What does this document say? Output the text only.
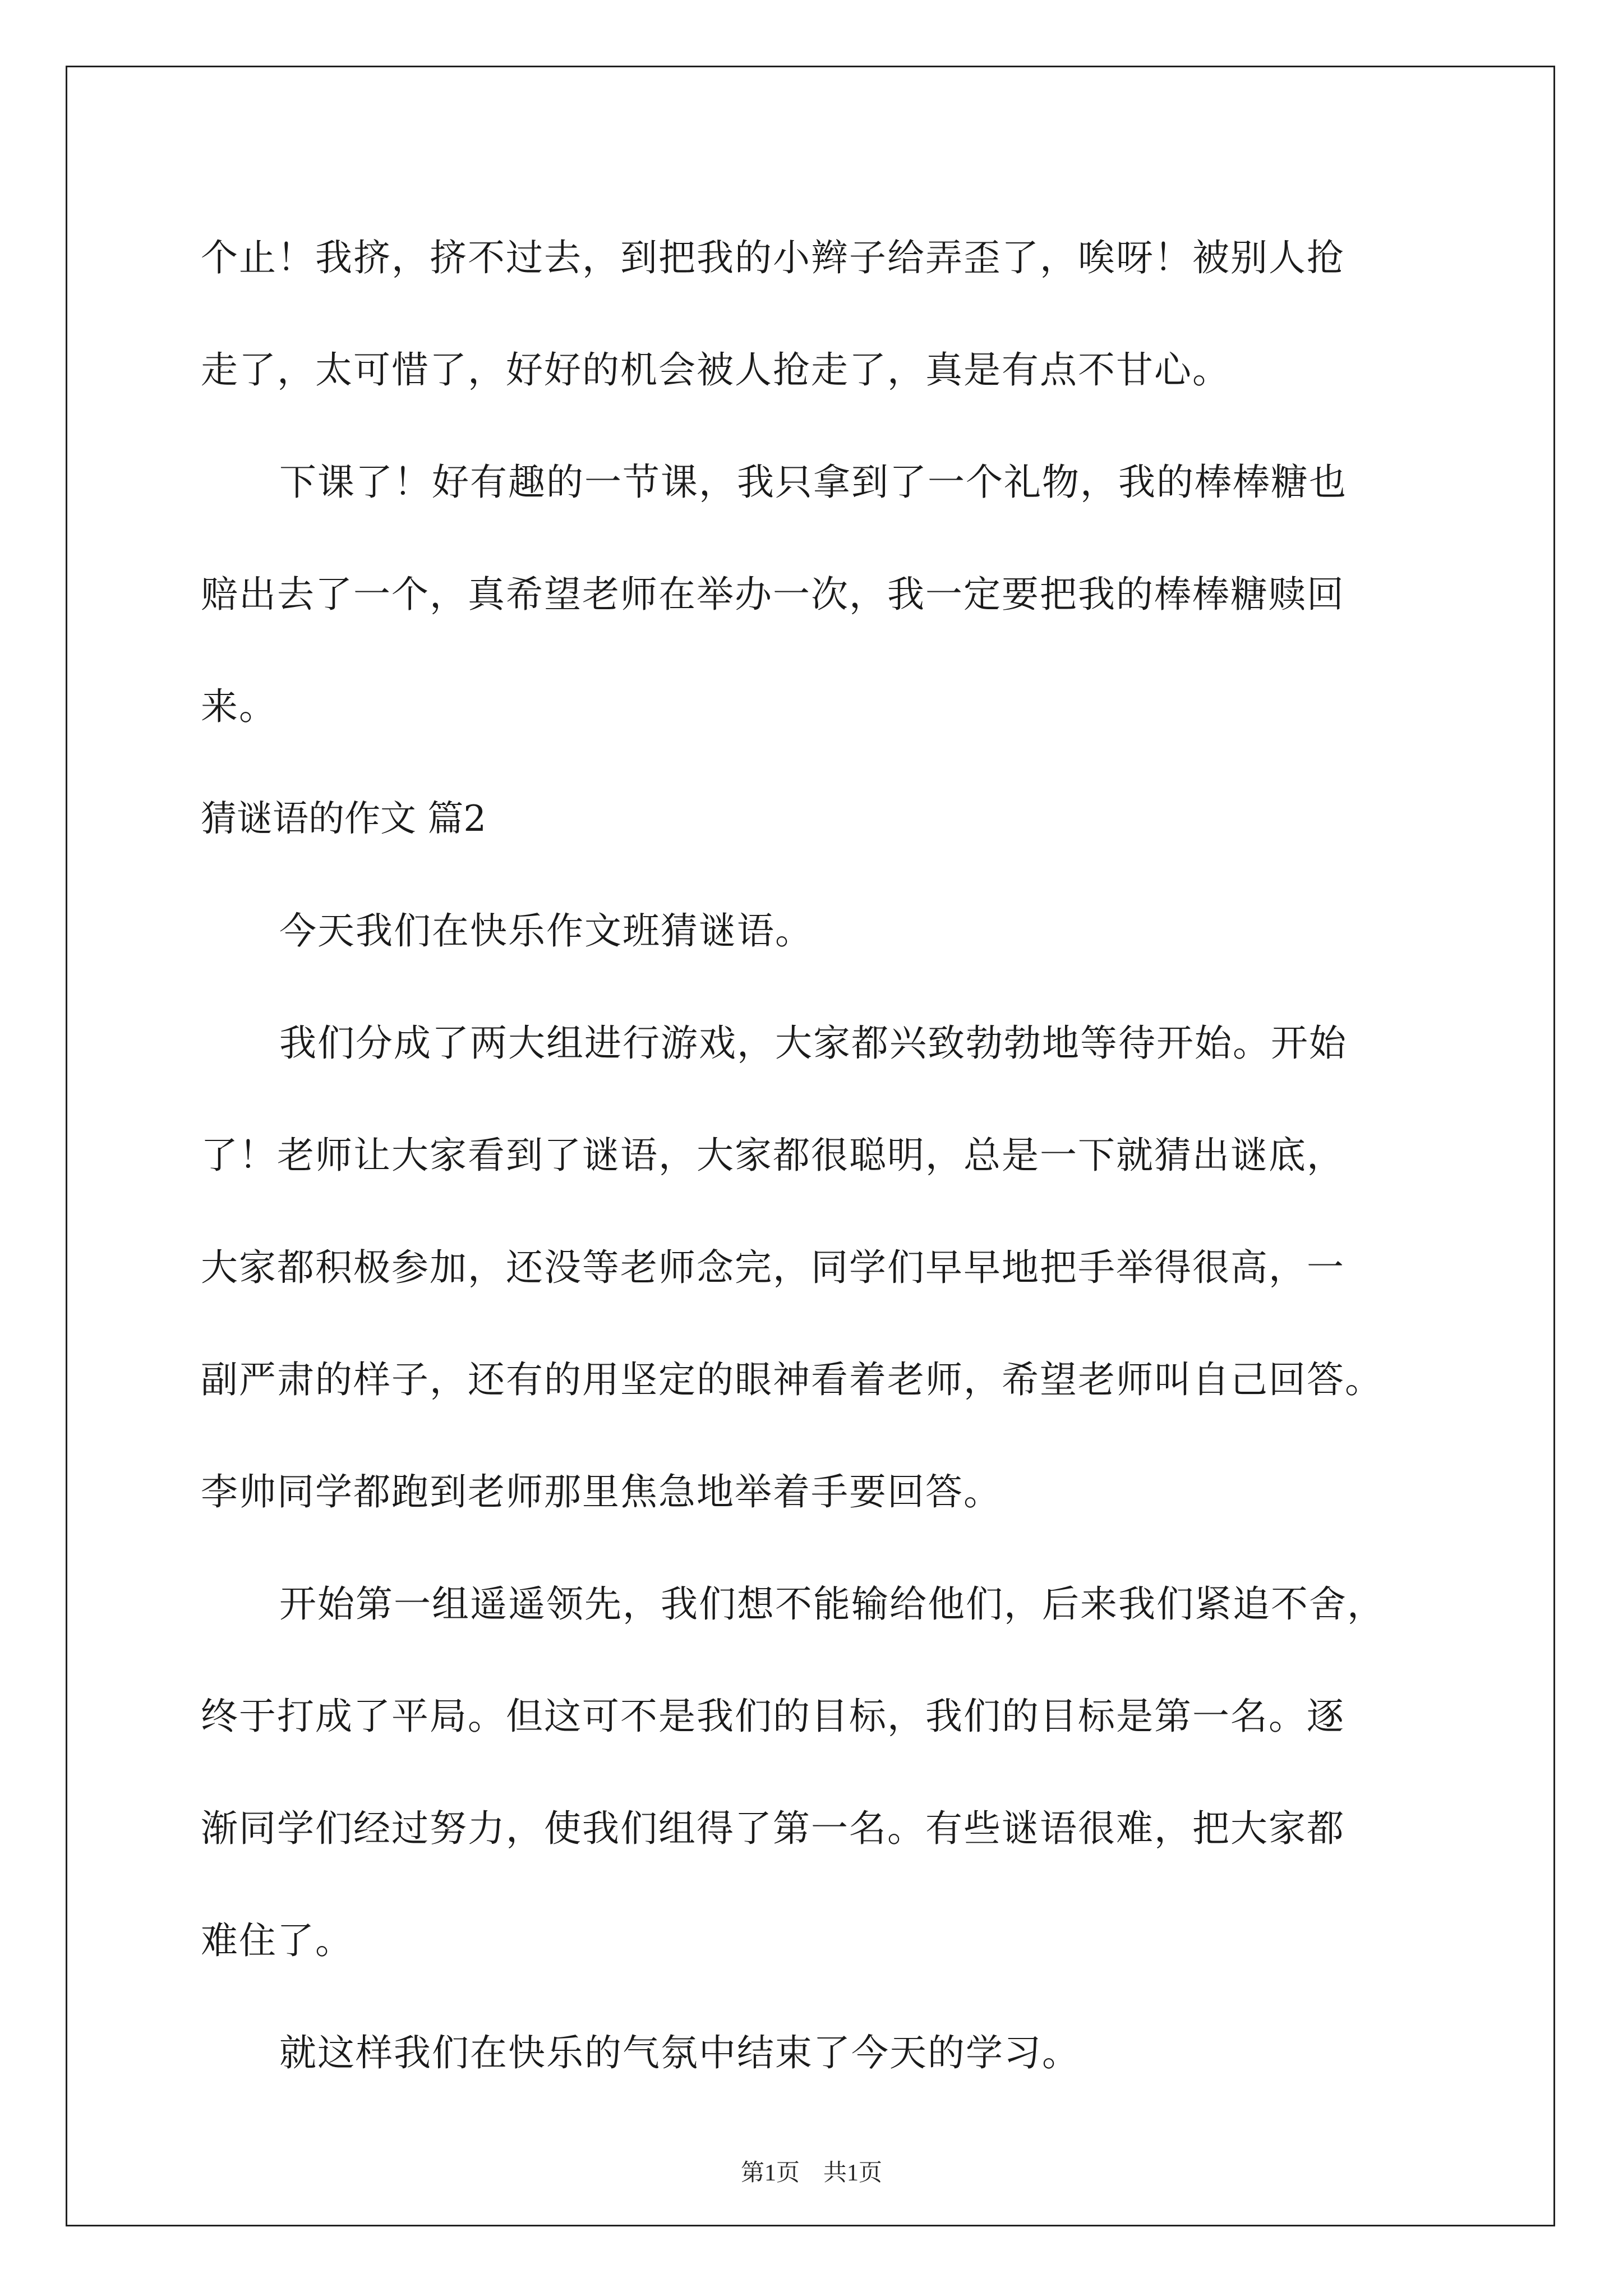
个止！我挤，挤不过去，到把我的小辫子给弄歪了，唉呀！被别人抢
走了，太可惜了，好好的机会被人抢走了，真是有点不甘心。
下课了！好有趣的一节课，我只拿到了一个礼物，我的棒棒糖也
赔出去了一个，真希望老师在举办一次，我一定要把我的棒棒糖赎回
来。
猜谜语的作文 篇2
今天我们在快乐作文班猜谜语。
我们分成了两大组进行游戏，大家都兴致勃勃地等待开始。开始
了！老师让大家看到了谜语，大家都很聪明，总是一下就猜出谜底，
大家都积极参加，还没等老师念完，同学们早早地把手举得很高，一
副严肃的样子，还有的用坚定的眼神看着老师，希望老师叫自己回答。
李帅同学都跑到老师那里焦急地举着手要回答。
开始第一组遥遥领先，我们想不能输给他们，后来我们紧追不舍，
终于打成了平局。但这可不是我们的目标，我们的目标是第一名。逐
渐同学们经过努力，使我们组得了第一名。有些谜语很难，把大家都
难住了。
就这样我们在快乐的气氛中结束了今天的学习。
第1页　共1页
